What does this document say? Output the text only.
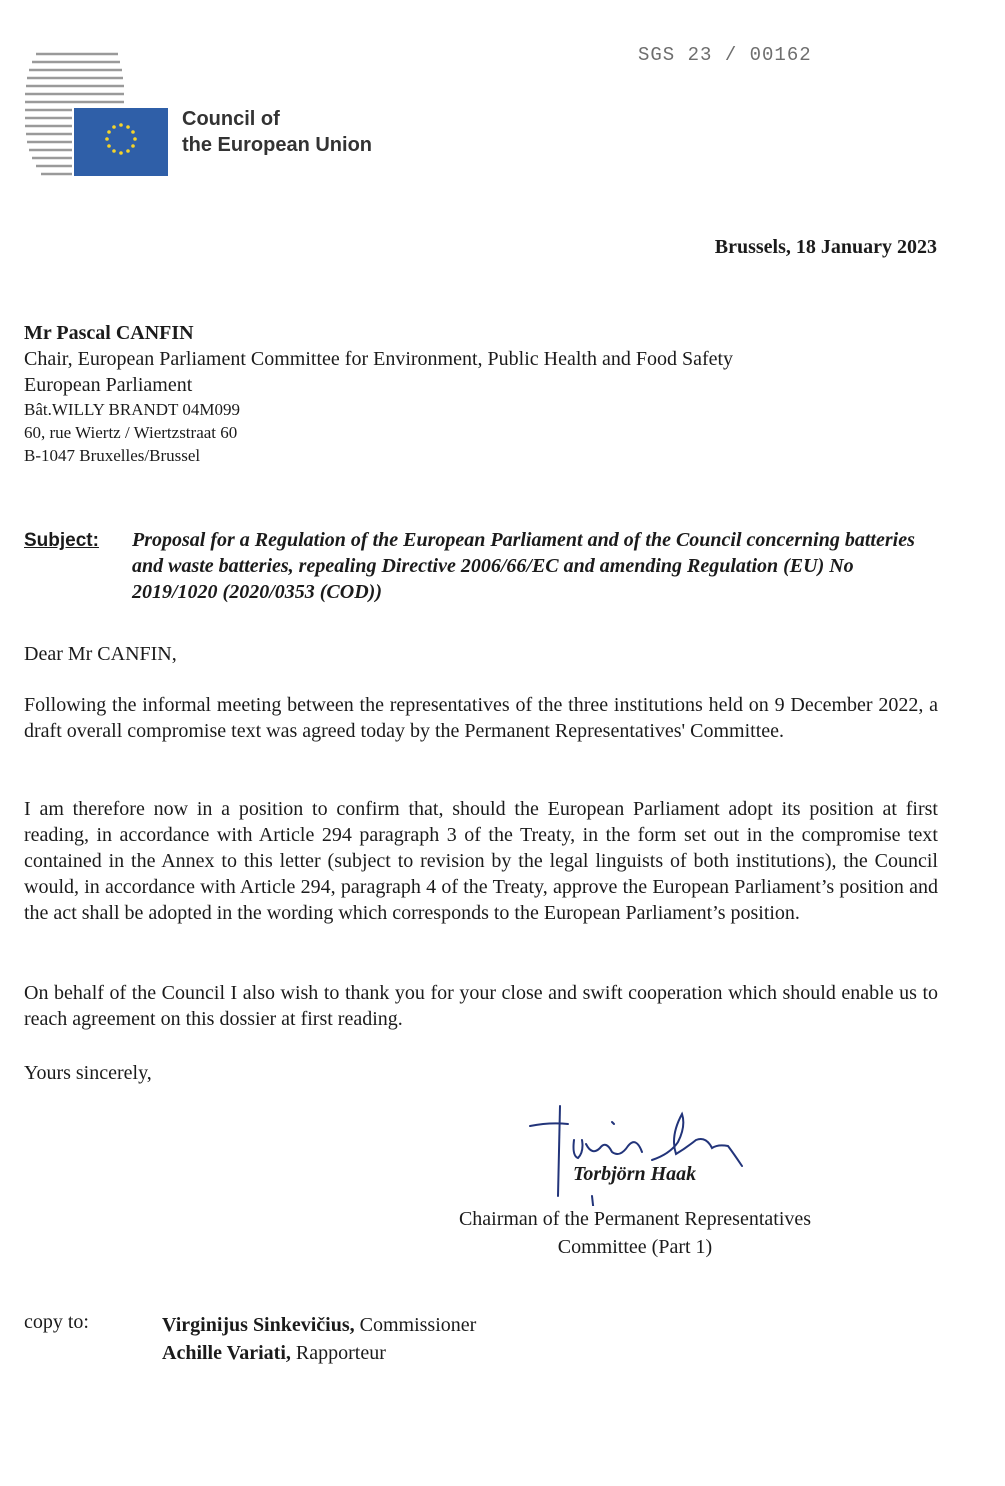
SGS 23 / 00162
Council of
the European Union
Brussels, 18 January 2023
Mr Pascal CANFIN
Chair, European Parliament Committee for Environment, Public Health and Food Safety
European Parliament
Bât.WILLY BRANDT 04M099
60, rue Wiertz / Wiertzstraat 60
B-1047 Bruxelles/Brussel
Subject: Proposal for a Regulation of the European Parliament and of the Council concerning batteries and waste batteries, repealing Directive 2006/66/EC and amending Regulation (EU) No 2019/1020 (2020/0353 (COD))
Dear Mr CANFIN,
Following the informal meeting between the representatives of the three institutions held on 9 December 2022, a draft overall compromise text was agreed today by the Permanent Representatives' Committee.
I am therefore now in a position to confirm that, should the European Parliament adopt its position at first reading, in accordance with Article 294 paragraph 3 of the Treaty, in the form set out in the compromise text contained in the Annex to this letter (subject to revision by the legal linguists of both institutions), the Council would, in accordance with Article 294, paragraph 4 of the Treaty, approve the European Parliament’s position and the act shall be adopted in the wording which corresponds to the European Parliament’s position.
On behalf of the Council I also wish to thank you for your close and swift cooperation which should enable us to reach agreement on this dossier at first reading.
Yours sincerely,
Torbjörn Haak
Chairman of the Permanent Representatives
Committee (Part 1)
copy to:	Virginijus Sinkevičius, Commissioner
Achille Variati, Rapporteur
